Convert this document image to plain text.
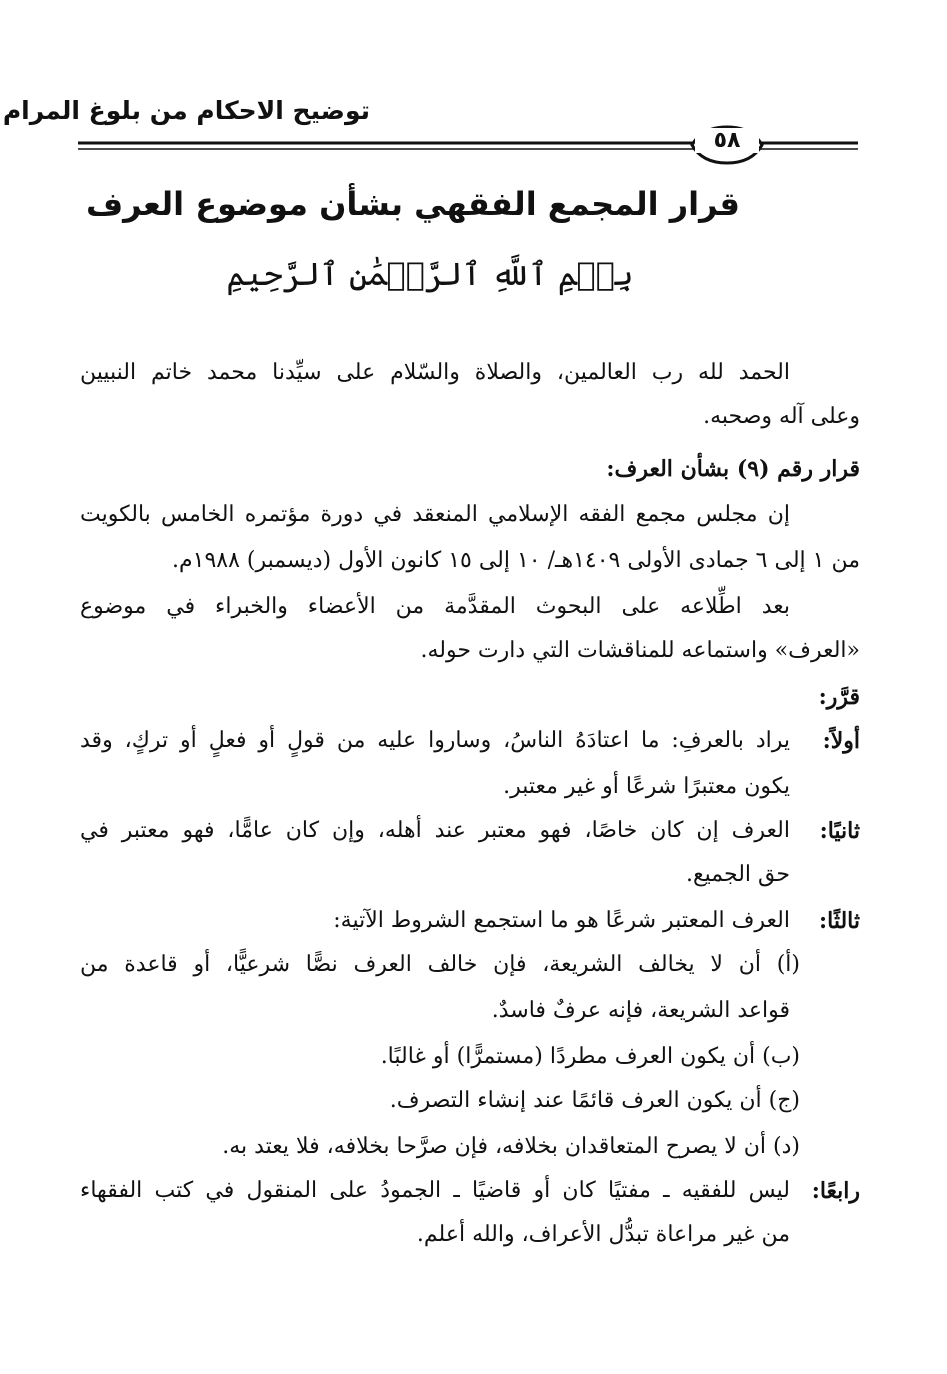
توضيح الاحكام من بلوغ المرام
٥٨
قرار المجمع الفقهي بشأن موضوع العرف
بِسۡمِ ٱللَّهِ ٱلرَّحۡمَٰنِ ٱلرَّحِيمِ
الحمد لله رب العالمين، والصلاة والسّلام على سيِّدنا محمد خاتم النبيين
وعلى آله وصحبه.
قرار رقم (٩) بشأن العرف:
إن مجلس مجمع الفقه الإسلامي المنعقد في دورة مؤتمره الخامس بالكويت
من ١ إلى ٦ جمادى الأولى ١٤٠٩هـ/ ١٠ إلى ١٥ كانون الأول (ديسمبر) ١٩٨٨م.
بعد اطِّلاعه على البحوث المقدَّمة من الأعضاء والخبراء في موضوع
«العرف» واستماعه للمناقشات التي دارت حوله.
قرَّر:
أولاً:
يراد بالعرفِ: ما اعتادَهُ الناسُ، وساروا عليه من قولٍ أو فعلٍ أو تركٍ، وقد
يكون معتبرًا شرعًا أو غير معتبر.
ثانيًا:
العرف إن كان خاصًا، فهو معتبر عند أهله، وإن كان عامًّا، فهو معتبر في
حق الجميع.
ثالثًا:
العرف المعتبر شرعًا هو ما استجمع الشروط الآتية:
(أ) أن لا يخالف الشريعة، فإن خالف العرف نصًّا شرعيًّا، أو قاعدة من
قواعد الشريعة، فإنه عرفٌ فاسدٌ.
(ب) أن يكون العرف مطردًا (مستمرًّا) أو غالبًا.
(ج) أن يكون العرف قائمًا عند إنشاء التصرف.
(د) أن لا يصرح المتعاقدان بخلافه، فإن صرَّحا بخلافه، فلا يعتد به.
رابعًا:
ليس للفقيه ـ مفتيًا كان أو قاضيًا ـ الجمودُ على المنقول في كتب الفقهاء
من غير مراعاة تبدُّل الأعراف، والله أعلم.
